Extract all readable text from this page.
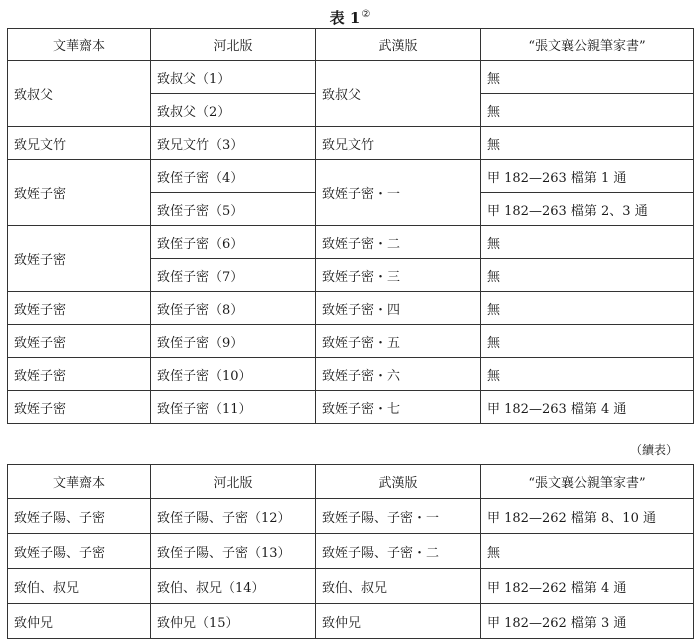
表 1②
文華齋本	河北版	武漢版	“張文襄公親筆家書”
致叔父	致叔父（1）	致叔父	無
	致叔父（2）		無
致兄文竹	致兄文竹（3）	致兄文竹	無
致姪子密	致侄子密（4）	致姪子密・一	甲 182—263 檔第 1 通
	致侄子密（5）		甲 182—263 檔第 2、3 通
致姪子密	致侄子密（6）	致姪子密・二	無
	致侄子密（7）	致姪子密・三	無
致姪子密	致侄子密（8）	致姪子密・四	無
致姪子密	致侄子密（9）	致姪子密・五	無
致姪子密	致侄子密（10）	致姪子密・六	無
致姪子密	致侄子密（11）	致姪子密・七	甲 182—263 檔第 4 通
（續表）
文華齋本	河北版	武漢版	“張文襄公親筆家書”
致姪子陽、子密	致侄子陽、子密（12）	致姪子陽、子密・一	甲 182—262 檔第 8、10 通
致姪子陽、子密	致侄子陽、子密（13）	致姪子陽、子密・二	無
致伯、叔兄	致伯、叔兄（14）	致伯、叔兄	甲 182—262 檔第 4 通
致仲兄	致仲兄（15）	致仲兄	甲 182—262 檔第 3 通
